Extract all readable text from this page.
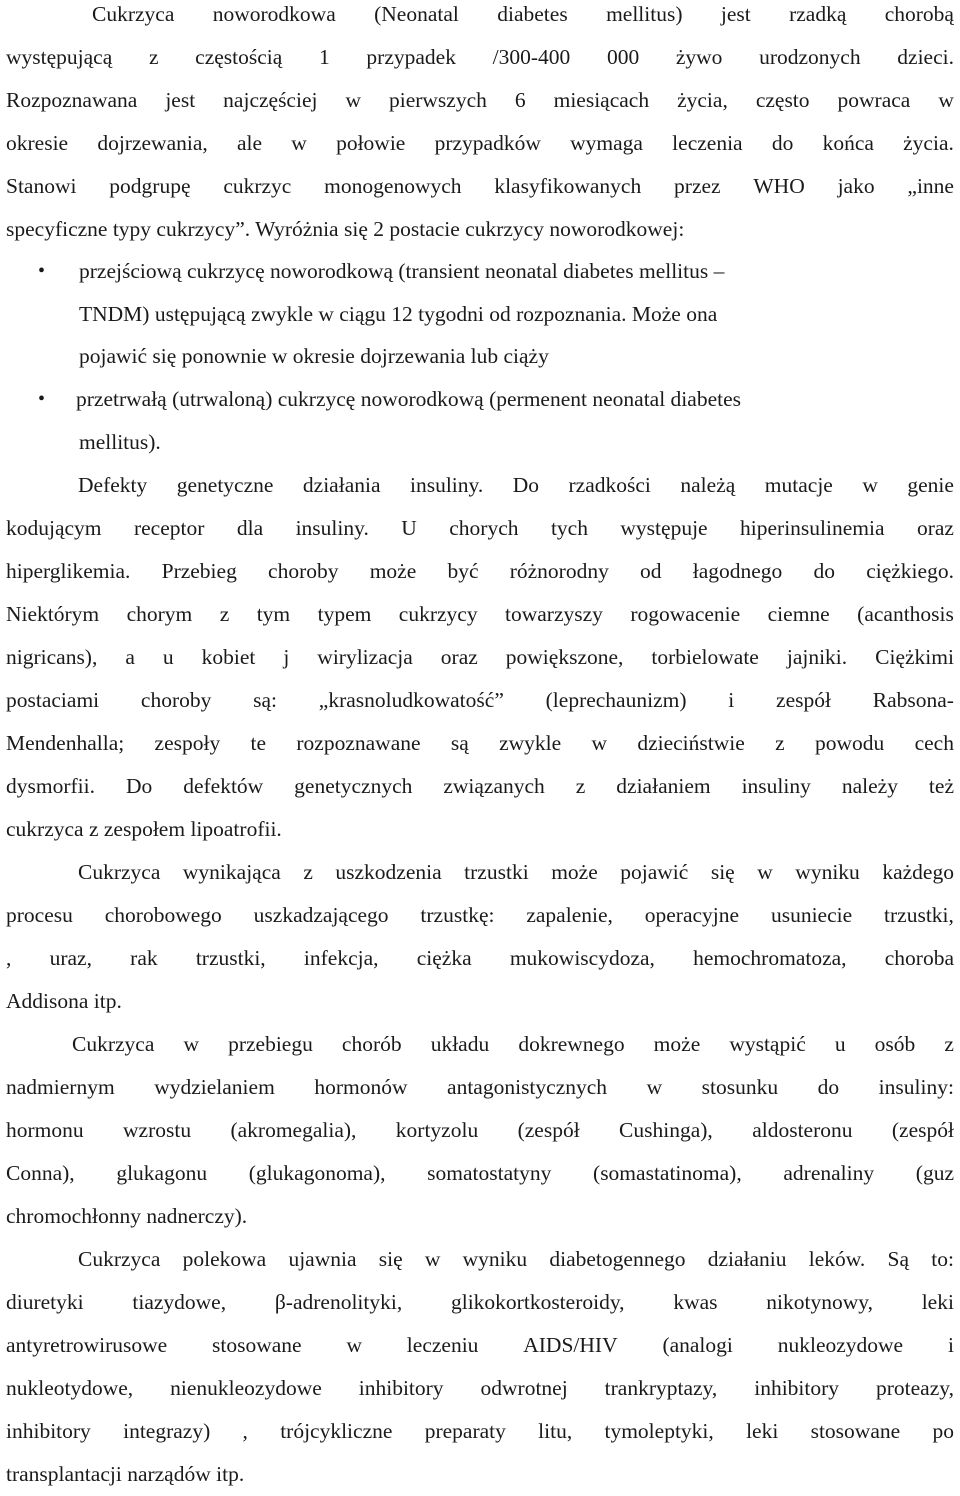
Cukrzyca noworodkowa (Neonatal diabetes mellitus) jest rzadką chorobą
występującą z częstością 1 przypadek /300-400 000 żywo urodzonych dzieci.
Rozpoznawana jest najczęściej w pierwszych 6 miesiącach życia, często powraca w
okresie dojrzewania, ale w połowie przypadków wymaga leczenia do końca życia.
Stanowi podgrupę cukrzyc monogenowych klasyfikowanych przez WHO jako „inne
specyficzne typy cukrzycy”. Wyróżnia się 2 postacie cukrzycy noworodkowej:
• przejściową cukrzycę noworodkową (transient neonatal diabetes mellitus –
TNDM) ustępującą zwykle w ciągu 12 tygodni od rozpoznania. Może ona
pojawić się ponownie w okresie dojrzewania lub ciąży
• przetrwałą (utrwaloną) cukrzycę noworodkową (permenent neonatal diabetes
mellitus).
Defekty genetyczne działania insuliny. Do rzadkości należą mutacje w genie
kodującym receptor dla insuliny. U chorych tych występuje hiperinsulinemia oraz
hiperglikemia. Przebieg choroby może być różnorodny od łagodnego do ciężkiego.
Niektórym chorym z tym typem cukrzycy towarzyszy rogowacenie ciemne (acanthosis
nigricans), a u kobiet j wirylizacja oraz powiększone, torbielowate jajniki. Ciężkimi
postaciami choroby są: „krasnoludkowatość” (leprechaunizm) i zespół Rabsona-
Mendenhalla; zespoły te rozpoznawane są zwykle w dzieciństwie z powodu cech
dysmorfii. Do defektów genetycznych związanych z działaniem insuliny należy też
cukrzyca z zespołem lipoatrofii.
Cukrzyca wynikająca z uszkodzenia trzustki może pojawić się w wyniku każdego
procesu chorobowego uszkadzającego trzustkę: zapalenie, operacyjne usuniecie trzustki,
, uraz, rak trzustki, infekcja, ciężka mukowiscydoza, hemochromatoza, choroba
Addisona itp.
Cukrzyca w przebiegu chorób układu dokrewnego może wystąpić u osób z
nadmiernym wydzielaniem hormonów antagonistycznych w stosunku do insuliny:
hormonu wzrostu (akromegalia), kortyzolu (zespół Cushinga), aldosteronu (zespół
Conna), glukagonu (glukagonoma), somatostatyny (somastatinoma), adrenaliny (guz
chromochłonny nadnerczy).
Cukrzyca polekowa ujawnia się w wyniku diabetogennego działaniu leków. Są to:
diuretyki tiazydowe, β-adrenolityki, glikokortkosteroidy, kwas nikotynowy, leki
antyretrowirusowe stosowane w leczeniu AIDS/HIV (analogi nukleozydowe i
nukleotydowe, nienukleozydowe inhibitory odwrotnej trankryptazy, inhibitory proteazy,
inhibitory integrazy) , trójcykliczne preparaty litu, tymoleptyki, leki stosowane po
transplantacji narządów itp.
